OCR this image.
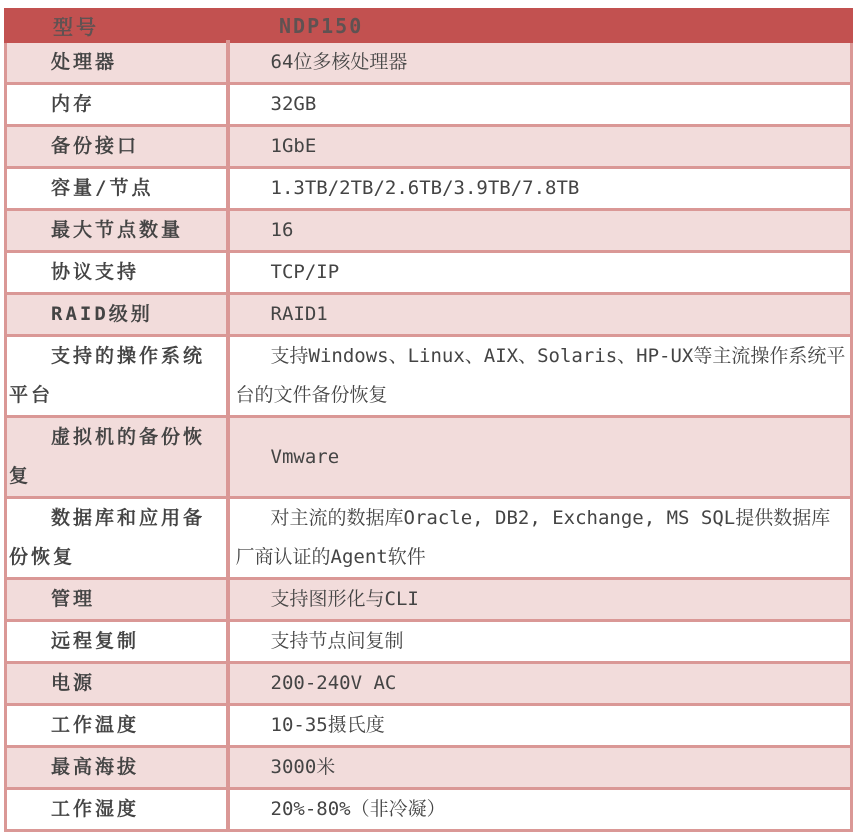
型号	NDP150
处理器	64位多核处理器
内存	32GB
备份接口	1GbE
容量/节点	1.3TB/2TB/2.6TB/3.9TB/7.8TB
最大节点数量	16
协议支持	TCP/IP
RAID级别	RAID1
支持的操作系统平台	支持Windows、Linux、AIX、Solaris、HP-UX等主流操作系统平台的文件备份恢复
虚拟机的备份恢复	Vmware
数据库和应用备份恢复	对主流的数据库Oracle, DB2, Exchange, MS SQL提供数据库厂商认证的Agent软件
管理	支持图形化与CLI
远程复制	支持节点间复制
电源	200-240V AC
工作温度	10-35摄氏度
最高海拔	3000米
工作湿度	20%-80%（非冷凝）
